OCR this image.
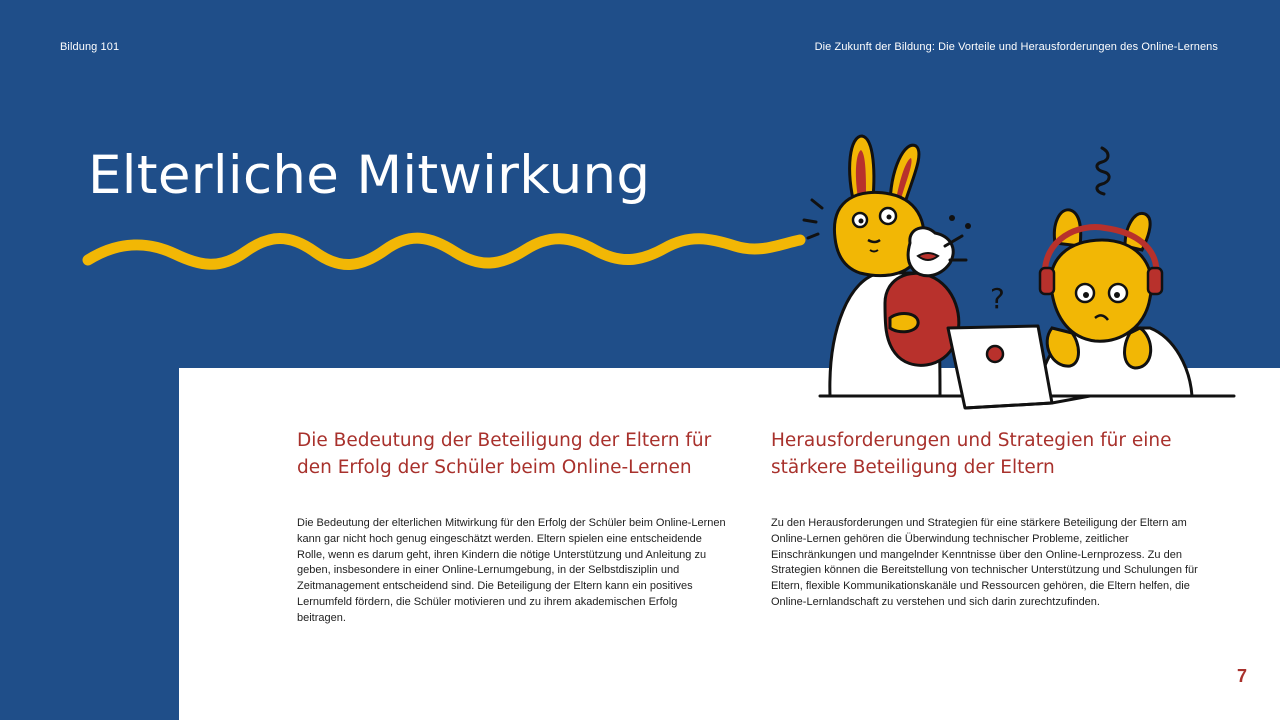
Bildung 101	Die Zukunft der Bildung: Die Vorteile und Herausforderungen des Online-Lernens
Elterliche Mitwirkung
Die Bedeutung der Beteiligung der Eltern für den Erfolg der Schüler beim Online-Lernen

Die Bedeutung der elterlichen Mitwirkung für den Erfolg der Schüler beim Online-Lernen kann gar nicht hoch genug eingeschätzt werden. Eltern spielen eine entscheidende Rolle, wenn es darum geht, ihren Kindern die nötige Unterstützung und Anleitung zu geben, insbesondere in einer Online-Lernumgebung, in der Selbstdisziplin und Zeitmanagement entscheidend sind. Die Beteiligung der Eltern kann ein positives Lernumfeld fördern, die Schüler motivieren und zu ihrem akademischen Erfolg beitragen.

Herausforderungen und Strategien für eine stärkere Beteiligung der Eltern

Zu den Herausforderungen und Strategien für eine stärkere Beteiligung der Eltern am Online-Lernen gehören die Überwindung technischer Probleme, zeitlicher Einschränkungen und mangelnder Kenntnisse über den Online-Lernprozess. Zu den Strategien können die Bereitstellung von technischer Unterstützung und Schulungen für Eltern, flexible Kommunikationskanäle und Ressourcen gehören, die Eltern helfen, die Online-Lernlandschaft zu verstehen und sich darin zurechtzufinden.

7
?
